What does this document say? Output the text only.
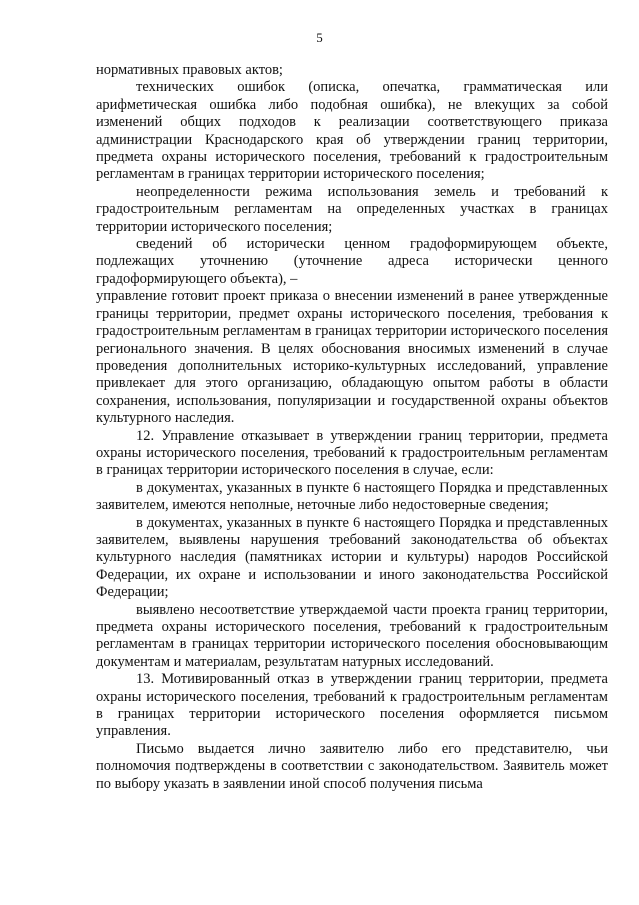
5

нормативных правовых актов;

технических ошибок (описка, опечатка, грамматическая или арифметическая ошибка либо подобная ошибка), не влекущих за собой изменений общих подходов к реализации соответствующего приказа администрации Краснодарского края об утверждении границ территории, предмета охраны исторического поселения, требований к градостроительным регламентам в границах территории исторического поселения;

неопределенности режима использования земель и требований к градостроительным регламентам на определенных участках в границах территории исторического поселения;

сведений об исторически ценном градоформирующем объекте, подлежащих уточнению (уточнение адреса исторически ценного градоформирующего объекта), –

управление готовит проект приказа о внесении изменений в ранее утвержденные границы территории, предмет охраны исторического поселения, требования к градостроительным регламентам в границах территории исторического поселения регионального значения. В целях обоснования вносимых изменений в случае проведения дополнительных историко-культурных исследований, управление привлекает для этого организацию, обладающую опытом работы в области сохранения, использования, популяризации и государственной охраны объектов культурного наследия.

12. Управление отказывает в утверждении границ территории, предмета охраны исторического поселения, требований к градостроительным регламентам в границах территории исторического поселения в случае, если:

в документах, указанных в пункте 6 настоящего Порядка и представленных заявителем, имеются неполные, неточные либо недостоверные сведения;

в документах, указанных в пункте 6 настоящего Порядка и представленных заявителем, выявлены нарушения требований законодательства об объектах культурного наследия (памятниках истории и культуры) народов Российской Федерации, их охране и использовании и иного законодательства Российской Федерации;

выявлено несоответствие утверждаемой части проекта границ территории, предмета охраны исторического поселения, требований к градостроительным регламентам в границах территории исторического поселения обосновывающим документам и материалам, результатам натурных исследований.

13. Мотивированный отказ в утверждении границ территории, предмета охраны исторического поселения, требований к градостроительным регламентам в границах территории исторического поселения оформляется письмом управления.

Письмо выдается лично заявителю либо его представителю, чьи полномочия подтверждены в соответствии с законодательством. Заявитель может по выбору указать в заявлении иной способ получения письма
